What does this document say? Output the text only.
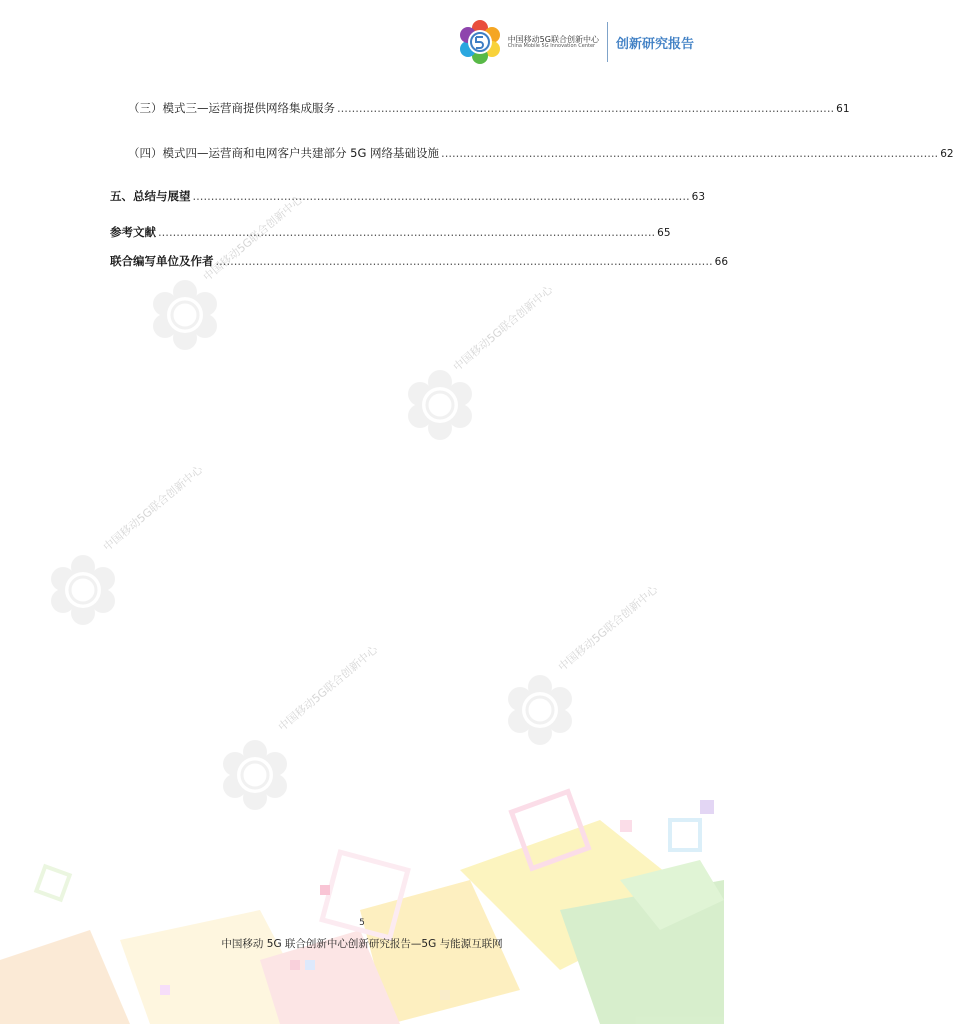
中国移动5G联合创新中心
China Mobile 5G Innovation Center 创新研究报告
中国移动5G联合创新中心
中国移动5G联合创新中心
中国移动5G联合创新中心
中国移动5G联合创新中心
中国移动5G联合创新中心
（三）模式三—运营商提供网络集成服务 ........................................................................................................................................ 61
（四）模式四—运营商和电网客户共建部分 5G 网络基础设施 ........................................................................................................................................ 62
五、总结与展望 ........................................................................................................................................ 63
参考文献 ........................................................................................................................................ 65
联合编写单位及作者 ........................................................................................................................................ 66
5
中国移动 5G 联合创新中心创新研究报告—5G 与能源互联网
